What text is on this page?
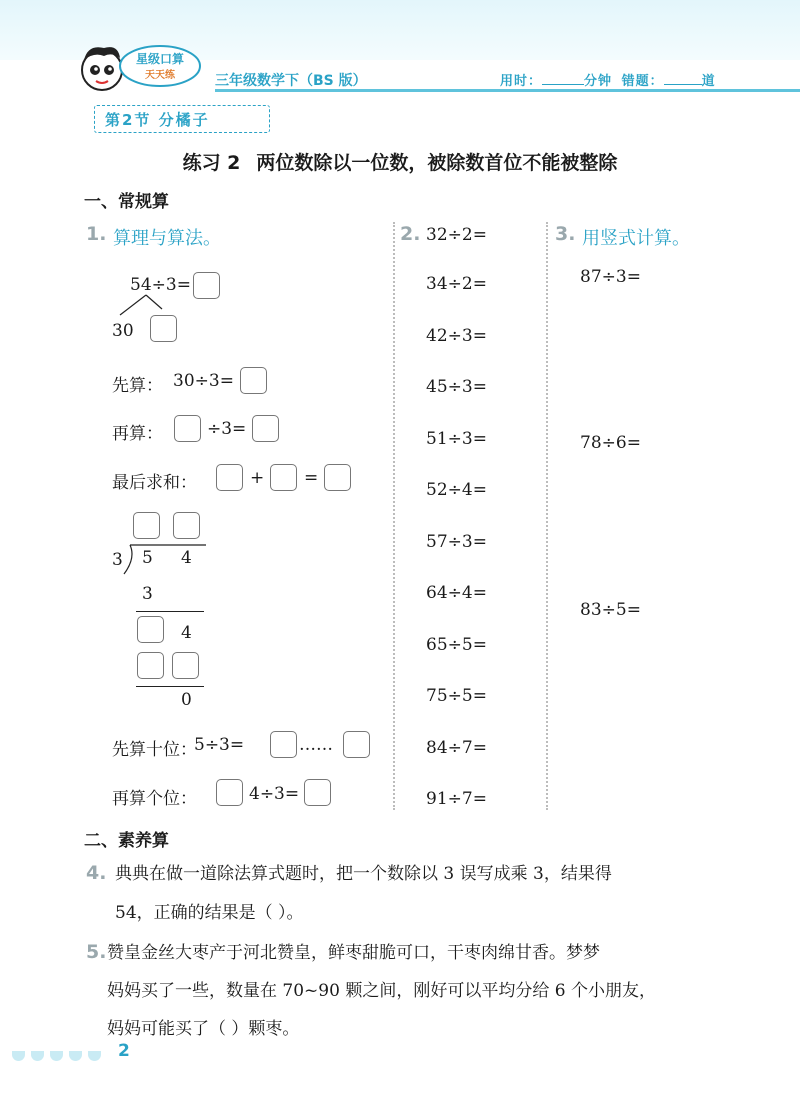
星级口算
天天练	三年级数学下（BS 版）	用时：	分钟 错题：	道
第2节 分橘子
练习 2 两位数除以一位数，被除数首位不能被整除
一、常规算
1. 算理与算法。
54÷3=
30
先算： 30÷3=
再算：	÷3=
最后求和：	+ =
3 5 4
3
4
0
先算十位：
5÷3=	……
再算个位：	4÷3=
2. 32÷2=
34÷2=
42÷3=
45÷3=
51÷3=
52÷4=
57÷3=
64÷4=
65÷5=
75÷5=
84÷7=
91÷7=
3. 用竖式计算。
87÷3=
78÷6=
83÷5=
二、素养算
4. 典典在做一道除法算式题时，把一个数除以 3 误写成乘 3，结果得
54，正确的结果是（ ）。
5. 赞皇金丝大枣产于河北赞皇，鲜枣甜脆可口，干枣肉绵甘香。梦梦
妈妈买了一些，数量在 70~90 颗之间，刚好可以平均分给 6 个小朋友，
妈妈可能买了（ ）颗枣。
2
